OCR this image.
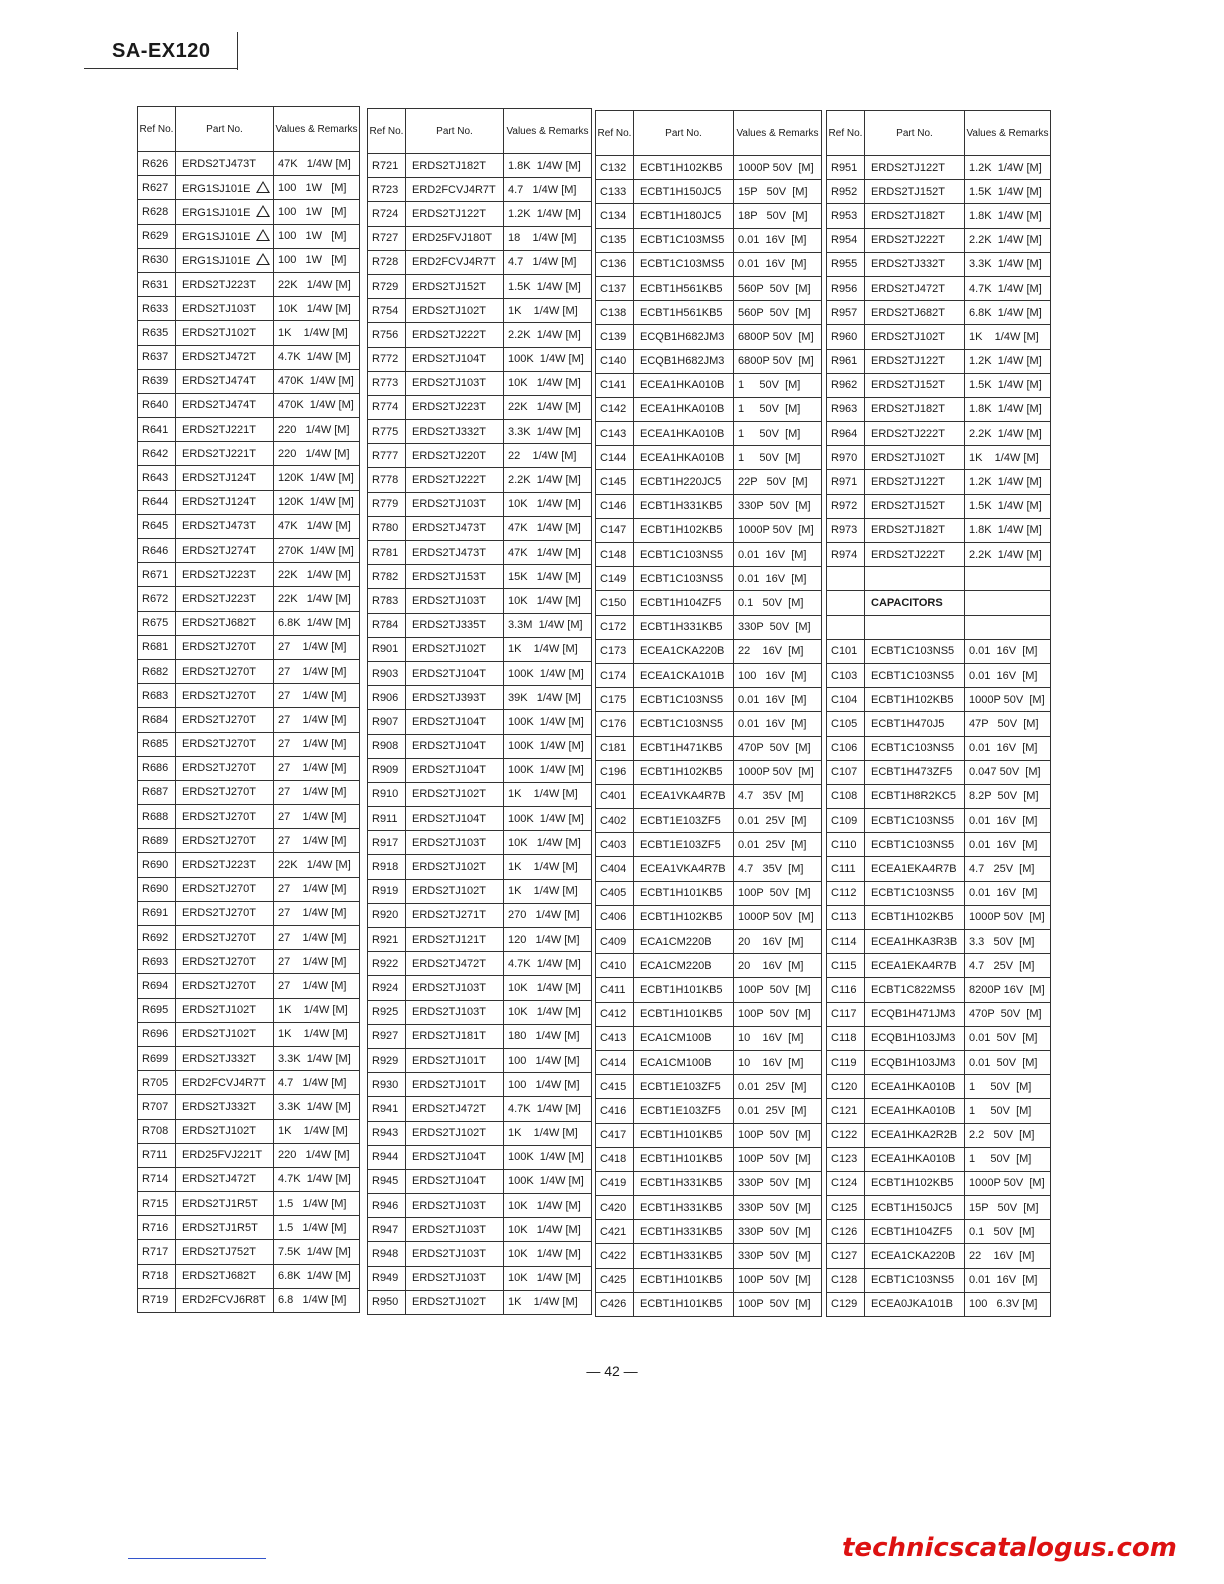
SA-EX120
Ref No.	Part No.	Values & Remarks
R626	ERDS2TJ473T	47K   1/4W [M]
R627	ERG1SJ101E	100   1W   [M]
R628	ERG1SJ101E	100   1W   [M]
R629	ERG1SJ101E	100   1W   [M]
R630	ERG1SJ101E	100   1W   [M]
R631	ERDS2TJ223T	22K   1/4W [M]
R633	ERDS2TJ103T	10K   1/4W [M]
R635	ERDS2TJ102T	1K    1/4W [M]
R637	ERDS2TJ472T	4.7K  1/4W [M]
R639	ERDS2TJ474T	470K  1/4W [M]
R640	ERDS2TJ474T	470K  1/4W [M]
R641	ERDS2TJ221T	220   1/4W [M]
R642	ERDS2TJ221T	220   1/4W [M]
R643	ERDS2TJ124T	120K  1/4W [M]
R644	ERDS2TJ124T	120K  1/4W [M]
R645	ERDS2TJ473T	47K   1/4W [M]
R646	ERDS2TJ274T	270K  1/4W [M]
R671	ERDS2TJ223T	22K   1/4W [M]
R672	ERDS2TJ223T	22K   1/4W [M]
R675	ERDS2TJ682T	6.8K  1/4W [M]
R681	ERDS2TJ270T	27    1/4W [M]
R682	ERDS2TJ270T	27    1/4W [M]
R683	ERDS2TJ270T	27    1/4W [M]
R684	ERDS2TJ270T	27    1/4W [M]
R685	ERDS2TJ270T	27    1/4W [M]
R686	ERDS2TJ270T	27    1/4W [M]
R687	ERDS2TJ270T	27    1/4W [M]
R688	ERDS2TJ270T	27    1/4W [M]
R689	ERDS2TJ270T	27    1/4W [M]
R690	ERDS2TJ223T	22K   1/4W [M]
R690	ERDS2TJ270T	27    1/4W [M]
R691	ERDS2TJ270T	27    1/4W [M]
R692	ERDS2TJ270T	27    1/4W [M]
R693	ERDS2TJ270T	27    1/4W [M]
R694	ERDS2TJ270T	27    1/4W [M]
R695	ERDS2TJ102T	1K    1/4W [M]
R696	ERDS2TJ102T	1K    1/4W [M]
R699	ERDS2TJ332T	3.3K  1/4W [M]
R705	ERD2FCVJ4R7T	4.7   1/4W [M]
R707	ERDS2TJ332T	3.3K  1/4W [M]
R708	ERDS2TJ102T	1K    1/4W [M]
R711	ERD25FVJ221T	220   1/4W [M]
R714	ERDS2TJ472T	4.7K  1/4W [M]
R715	ERDS2TJ1R5T	1.5   1/4W [M]
R716	ERDS2TJ1R5T	1.5   1/4W [M]
R717	ERDS2TJ752T	7.5K  1/4W [M]
R718	ERDS2TJ682T	6.8K  1/4W [M]
R719	ERD2FCVJ6R8T	6.8   1/4W [M]
Ref No.	Part No.	Values & Remarks
R721	ERDS2TJ182T	1.8K  1/4W [M]
R723	ERD2FCVJ4R7T	4.7   1/4W [M]
R724	ERDS2TJ122T	1.2K  1/4W [M]
R727	ERD25FVJ180T	18    1/4W [M]
R728	ERD2FCVJ4R7T	4.7   1/4W [M]
R729	ERDS2TJ152T	1.5K  1/4W [M]
R754	ERDS2TJ102T	1K    1/4W [M]
R756	ERDS2TJ222T	2.2K  1/4W [M]
R772	ERDS2TJ104T	100K  1/4W [M]
R773	ERDS2TJ103T	10K   1/4W [M]
R774	ERDS2TJ223T	22K   1/4W [M]
R775	ERDS2TJ332T	3.3K  1/4W [M]
R777	ERDS2TJ220T	22    1/4W [M]
R778	ERDS2TJ222T	2.2K  1/4W [M]
R779	ERDS2TJ103T	10K   1/4W [M]
R780	ERDS2TJ473T	47K   1/4W [M]
R781	ERDS2TJ473T	47K   1/4W [M]
R782	ERDS2TJ153T	15K   1/4W [M]
R783	ERDS2TJ103T	10K   1/4W [M]
R784	ERDS2TJ335T	3.3M  1/4W [M]
R901	ERDS2TJ102T	1K    1/4W [M]
R903	ERDS2TJ104T	100K  1/4W [M]
R906	ERDS2TJ393T	39K   1/4W [M]
R907	ERDS2TJ104T	100K  1/4W [M]
R908	ERDS2TJ104T	100K  1/4W [M]
R909	ERDS2TJ104T	100K  1/4W [M]
R910	ERDS2TJ102T	1K    1/4W [M]
R911	ERDS2TJ104T	100K  1/4W [M]
R917	ERDS2TJ103T	10K   1/4W [M]
R918	ERDS2TJ102T	1K    1/4W [M]
R919	ERDS2TJ102T	1K    1/4W [M]
R920	ERDS2TJ271T	270   1/4W [M]
R921	ERDS2TJ121T	120   1/4W [M]
R922	ERDS2TJ472T	4.7K  1/4W [M]
R924	ERDS2TJ103T	10K   1/4W [M]
R925	ERDS2TJ103T	10K   1/4W [M]
R927	ERDS2TJ181T	180   1/4W [M]
R929	ERDS2TJ101T	100   1/4W [M]
R930	ERDS2TJ101T	100   1/4W [M]
R941	ERDS2TJ472T	4.7K  1/4W [M]
R943	ERDS2TJ102T	1K    1/4W [M]
R944	ERDS2TJ104T	100K  1/4W [M]
R945	ERDS2TJ104T	100K  1/4W [M]
R946	ERDS2TJ103T	10K   1/4W [M]
R947	ERDS2TJ103T	10K   1/4W [M]
R948	ERDS2TJ103T	10K   1/4W [M]
R949	ERDS2TJ103T	10K   1/4W [M]
R950	ERDS2TJ102T	1K    1/4W [M]
Ref No.	Part No.	Values & Remarks
C132	ECBT1H102KB5	1000P 50V  [M]
C133	ECBT1H150JC5	15P   50V  [M]
C134	ECBT1H180JC5	18P   50V  [M]
C135	ECBT1C103MS5	0.01  16V  [M]
C136	ECBT1C103MS5	0.01  16V  [M]
C137	ECBT1H561KB5	560P  50V  [M]
C138	ECBT1H561KB5	560P  50V  [M]
C139	ECQB1H682JM3	6800P 50V  [M]
C140	ECQB1H682JM3	6800P 50V  [M]
C141	ECEA1HKA010B	1     50V  [M]
C142	ECEA1HKA010B	1     50V  [M]
C143	ECEA1HKA010B	1     50V  [M]
C144	ECEA1HKA010B	1     50V  [M]
C145	ECBT1H220JC5	22P   50V  [M]
C146	ECBT1H331KB5	330P  50V  [M]
C147	ECBT1H102KB5	1000P 50V  [M]
C148	ECBT1C103NS5	0.01  16V  [M]
C149	ECBT1C103NS5	0.01  16V  [M]
C150	ECBT1H104ZF5	0.1   50V  [M]
C172	ECBT1H331KB5	330P  50V  [M]
C173	ECEA1CKA220B	22    16V  [M]
C174	ECEA1CKA101B	100   16V  [M]
C175	ECBT1C103NS5	0.01  16V  [M]
C176	ECBT1C103NS5	0.01  16V  [M]
C181	ECBT1H471KB5	470P  50V  [M]
C196	ECBT1H102KB5	1000P 50V  [M]
C401	ECEA1VKA4R7B	4.7   35V  [M]
C402	ECBT1E103ZF5	0.01  25V  [M]
C403	ECBT1E103ZF5	0.01  25V  [M]
C404	ECEA1VKA4R7B	4.7   35V  [M]
C405	ECBT1H101KB5	100P  50V  [M]
C406	ECBT1H102KB5	1000P 50V  [M]
C409	ECA1CM220B	20    16V  [M]
C410	ECA1CM220B	20    16V  [M]
C411	ECBT1H101KB5	100P  50V  [M]
C412	ECBT1H101KB5	100P  50V  [M]
C413	ECA1CM100B	10    16V  [M]
C414	ECA1CM100B	10    16V  [M]
C415	ECBT1E103ZF5	0.01  25V  [M]
C416	ECBT1E103ZF5	0.01  25V  [M]
C417	ECBT1H101KB5	100P  50V  [M]
C418	ECBT1H101KB5	100P  50V  [M]
C419	ECBT1H331KB5	330P  50V  [M]
C420	ECBT1H331KB5	330P  50V  [M]
C421	ECBT1H331KB5	330P  50V  [M]
C422	ECBT1H331KB5	330P  50V  [M]
C425	ECBT1H101KB5	100P  50V  [M]
C426	ECBT1H101KB5	100P  50V  [M]
Ref No.	Part No.	Values & Remarks
R951	ERDS2TJ122T	1.2K  1/4W [M]
R952	ERDS2TJ152T	1.5K  1/4W [M]
R953	ERDS2TJ182T	1.8K  1/4W [M]
R954	ERDS2TJ222T	2.2K  1/4W [M]
R955	ERDS2TJ332T	3.3K  1/4W [M]
R956	ERDS2TJ472T	4.7K  1/4W [M]
R957	ERDS2TJ682T	6.8K  1/4W [M]
R960	ERDS2TJ102T	1K    1/4W [M]
R961	ERDS2TJ122T	1.2K  1/4W [M]
R962	ERDS2TJ152T	1.5K  1/4W [M]
R963	ERDS2TJ182T	1.8K  1/4W [M]
R964	ERDS2TJ222T	2.2K  1/4W [M]
R970	ERDS2TJ102T	1K    1/4W [M]
R971	ERDS2TJ122T	1.2K  1/4W [M]
R972	ERDS2TJ152T	1.5K  1/4W [M]
R973	ERDS2TJ182T	1.8K  1/4W [M]
R974	ERDS2TJ222T	2.2K  1/4W [M]

	CAPACITORS	

C101	ECBT1C103NS5	0.01  16V  [M]
C103	ECBT1C103NS5	0.01  16V  [M]
C104	ECBT1H102KB5	1000P 50V  [M]
C105	ECBT1H470J5	47P   50V  [M]
C106	ECBT1C103NS5	0.01  16V  [M]
C107	ECBT1H473ZF5	0.047 50V  [M]
C108	ECBT1H8R2KC5	8.2P  50V  [M]
C109	ECBT1C103NS5	0.01  16V  [M]
C110	ECBT1C103NS5	0.01  16V  [M]
C111	ECEA1EKA4R7B	4.7   25V  [M]
C112	ECBT1C103NS5	0.01  16V  [M]
C113	ECBT1H102KB5	1000P 50V  [M]
C114	ECEA1HKA3R3B	3.3   50V  [M]
C115	ECEA1EKA4R7B	4.7   25V  [M]
C116	ECBT1C822MS5	8200P 16V  [M]
C117	ECQB1H471JM3	470P  50V  [M]
C118	ECQB1H103JM3	0.01  50V  [M]
C119	ECQB1H103JM3	0.01  50V  [M]
C120	ECEA1HKA010B	1     50V  [M]
C121	ECEA1HKA010B	1     50V  [M]
C122	ECEA1HKA2R2B	2.2   50V  [M]
C123	ECEA1HKA010B	1     50V  [M]
C124	ECBT1H102KB5	1000P 50V  [M]
C125	ECBT1H150JC5	15P   50V  [M]
C126	ECBT1H104ZF5	0.1   50V  [M]
C127	ECEA1CKA220B	22    16V  [M]
C128	ECBT1C103NS5	0.01  16V  [M]
C129	ECEA0JKA101B	100   6.3V [M]
— 42 —
technicscatalogus.com
